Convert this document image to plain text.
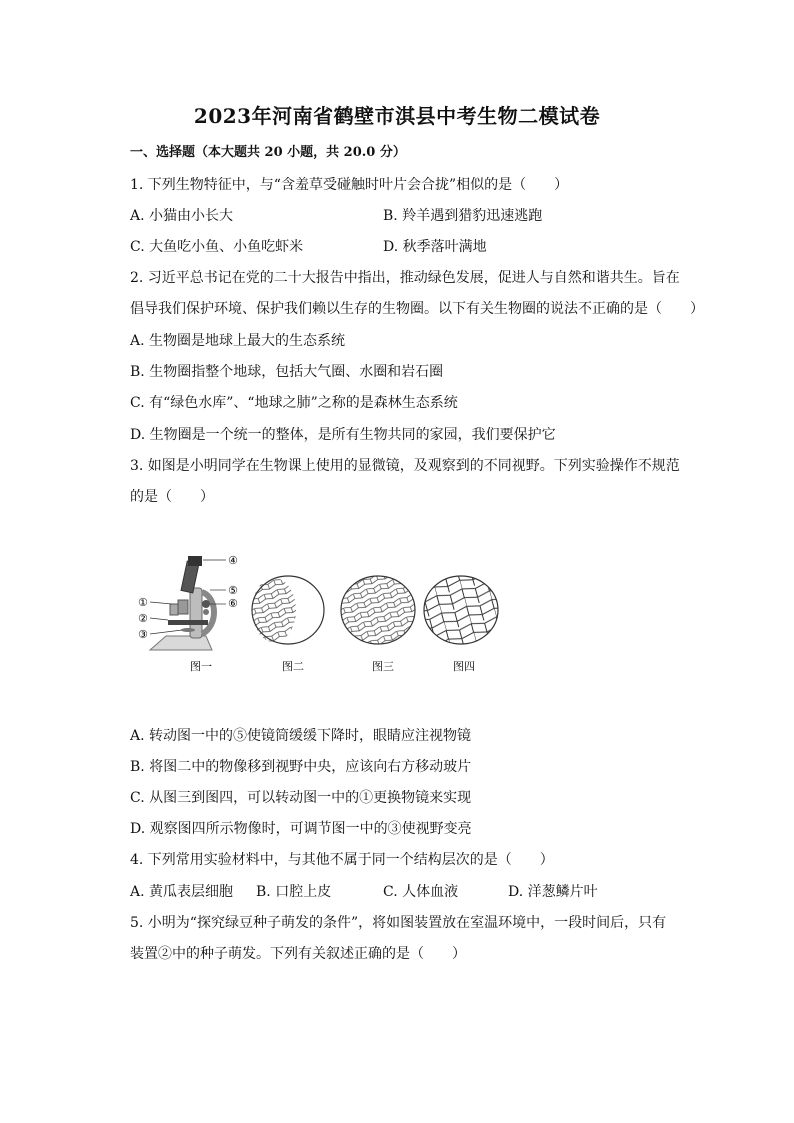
2023年河南省鹤壁市淇县中考生物二模试卷
一、选择题（本大题共 20 小题，共 20.0 分）
1. 下列生物特征中，与“含羞草受碰触时叶片会合拢”相似的是（　　）
A. 小猫由小长大	B. 羚羊遇到猎豹迅速逃跑
C. 大鱼吃小鱼、小鱼吃虾米	D. 秋季落叶满地
2. 习近平总书记在党的二十大报告中指出，推动绿色发展，促进人与自然和谐共生。旨在
倡导我们保护环境、保护我们赖以生存的生物圈。以下有关生物圈的说法不正确的是（　　）
A. 生物圈是地球上最大的生态系统
B. 生物圈指整个地球，包括大气圈、水圈和岩石圈
C. 有“绿色水库”、“地球之肺”之称的是森林生态系统
D. 生物圈是一个统一的整体，是所有生物共同的家园，我们要保护它
3. 如图是小明同学在生物课上使用的显微镜，及观察到的不同视野。下列实验操作不规范
的是（　　）
④
⑤
⑥
①
②
③
图一	图二	图三	图四
A. 转动图一中的⑤使镜筒缓缓下降时，眼睛应注视物镜
B. 将图二中的物像移到视野中央，应该向右方移动玻片
C. 从图三到图四，可以转动图一中的①更换物镜来实现
D. 观察图四所示物像时，可调节图一中的③使视野变亮
4. 下列常用实验材料中，与其他不属于同一个结构层次的是（　　）
A. 黄瓜表层细胞 B. 口腔上皮	C. 人体血液	D. 洋葱鳞片叶
5. 小明为“探究绿豆种子萌发的条件”，将如图装置放在室温环境中，一段时间后，只有
装置②中的种子萌发。下列有关叙述正确的是（　　）
